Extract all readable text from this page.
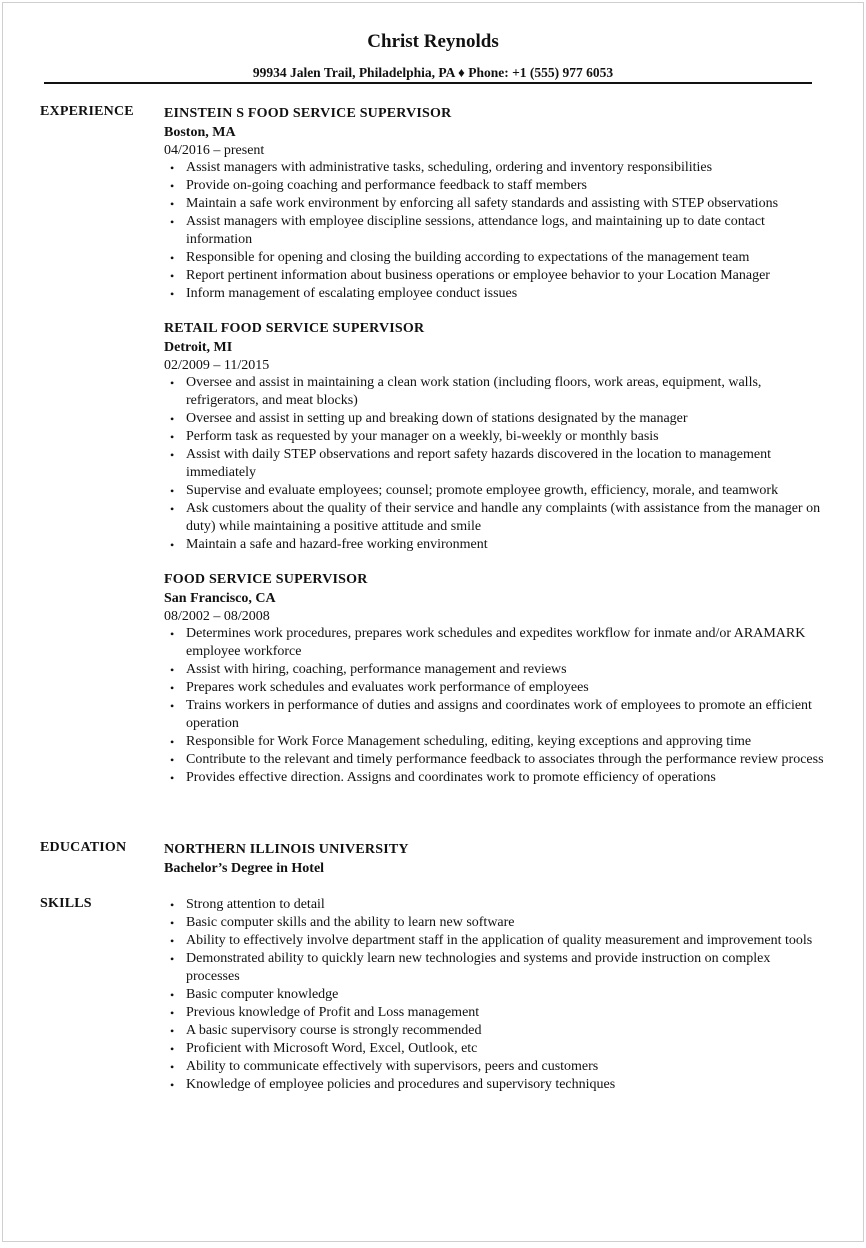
Christ Reynolds
99934 Jalen Trail, Philadelphia, PA ♦ Phone: +1 (555) 977 6053
EXPERIENCE EINSTEIN S FOOD SERVICE SUPERVISOR
Boston, MA
04/2016 – present
• Assist managers with administrative tasks, scheduling, ordering and inventory responsibilities
• Provide on-going coaching and performance feedback to staff members
• Maintain a safe work environment by enforcing all safety standards and assisting with STEP observations
• Assist managers with employee discipline sessions, attendance logs, and maintaining up to date contact information
• Responsible for opening and closing the building according to expectations of the management team
• Report pertinent information about business operations or employee behavior to your Location Manager
• Inform management of escalating employee conduct issues
RETAIL FOOD SERVICE SUPERVISOR
Detroit, MI
02/2009 – 11/2015
• Oversee and assist in maintaining a clean work station (including floors, work areas, equipment, walls, refrigerators, and meat blocks)
• Oversee and assist in setting up and breaking down of stations designated by the manager
• Perform task as requested by your manager on a weekly, bi-weekly or monthly basis
• Assist with daily STEP observations and report safety hazards discovered in the location to management immediately
• Supervise and evaluate employees; counsel; promote employee growth, efficiency, morale, and teamwork
• Ask customers about the quality of their service and handle any complaints (with assistance from the manager on duty) while maintaining a positive attitude and smile
• Maintain a safe and hazard-free working environment
FOOD SERVICE SUPERVISOR
San Francisco, CA
08/2002 – 08/2008
• Determines work procedures, prepares work schedules and expedites workflow for inmate and/or ARAMARK employee workforce
• Assist with hiring, coaching, performance management and reviews
• Prepares work schedules and evaluates work performance of employees
• Trains workers in performance of duties and assigns and coordinates work of employees to promote an efficient operation
• Responsible for Work Force Management scheduling, editing, keying exceptions and approving time
• Contribute to the relevant and timely performance feedback to associates through the performance review process
• Provides effective direction. Assigns and coordinates work to promote efficiency of operations
EDUCATION	NORTHERN ILLINOIS UNIVERSITY
Bachelor’s Degree in Hotel
SKILLS
•	Strong attention to detail
• Basic computer skills and the ability to learn new software
• Ability to effectively involve department staff in the application of quality measurement and improvement tools
• Demonstrated ability to quickly learn new technologies and systems and provide instruction on complex processes
• Basic computer knowledge
• Previous knowledge of Profit and Loss management
• A basic supervisory course is strongly recommended
• Proficient with Microsoft Word, Excel, Outlook, etc
• Ability to communicate effectively with supervisors, peers and customers
• Knowledge of employee policies and procedures and supervisory techniques
